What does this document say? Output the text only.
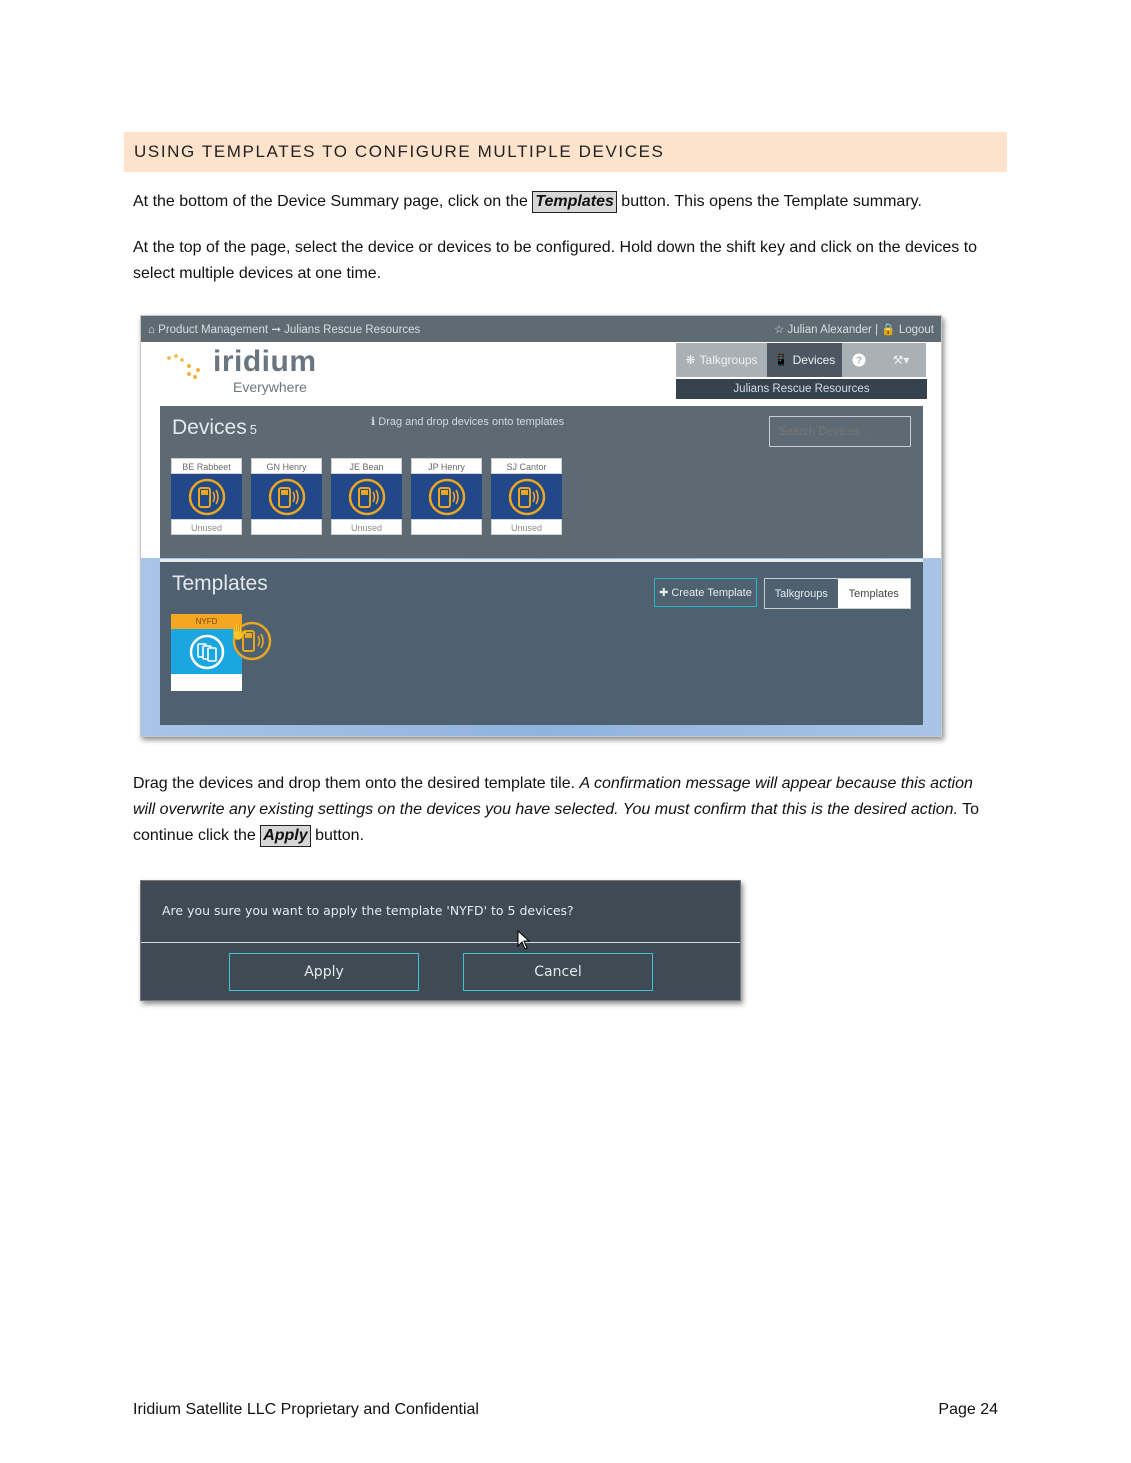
USING TEMPLATES TO CONFIGURE MULTIPLE DEVICES
At the bottom of the Device Summary page, click on the Templates button. This opens the Template summary.
At the top of the page, select the device or devices to be configured. Hold down the shift key and click on the devices to select multiple devices at one time.
⌂ Product Management ➞ Julians Rescue Resources	☆ Julian Alexander | 🔒 Logout
iridium
Everywhere
❋ Talkgroups 📱 Devices ?	⚒▾
Julians Rescue Resources
Devices 5	ℹ Drag and drop devices onto templates
Search Devices...
BE Rabbeet
Unused
GN Henry	JE Bean
Unused
JP Henry	SJ Cantor
Unused
Templates	✚ Create Template	Talkgroups	Templates
NYFD
✋
Drag the devices and drop them onto the desired template tile. A confirmation message will appear because this action will overwrite any existing settings on the devices you have selected. You must confirm that this is the desired action. To continue click the Apply button.
Are you sure you want to apply the template 'NYFD' to 5 devices?
Apply	Cancel
Iridium Satellite LLC Proprietary and Confidential	Page 24
